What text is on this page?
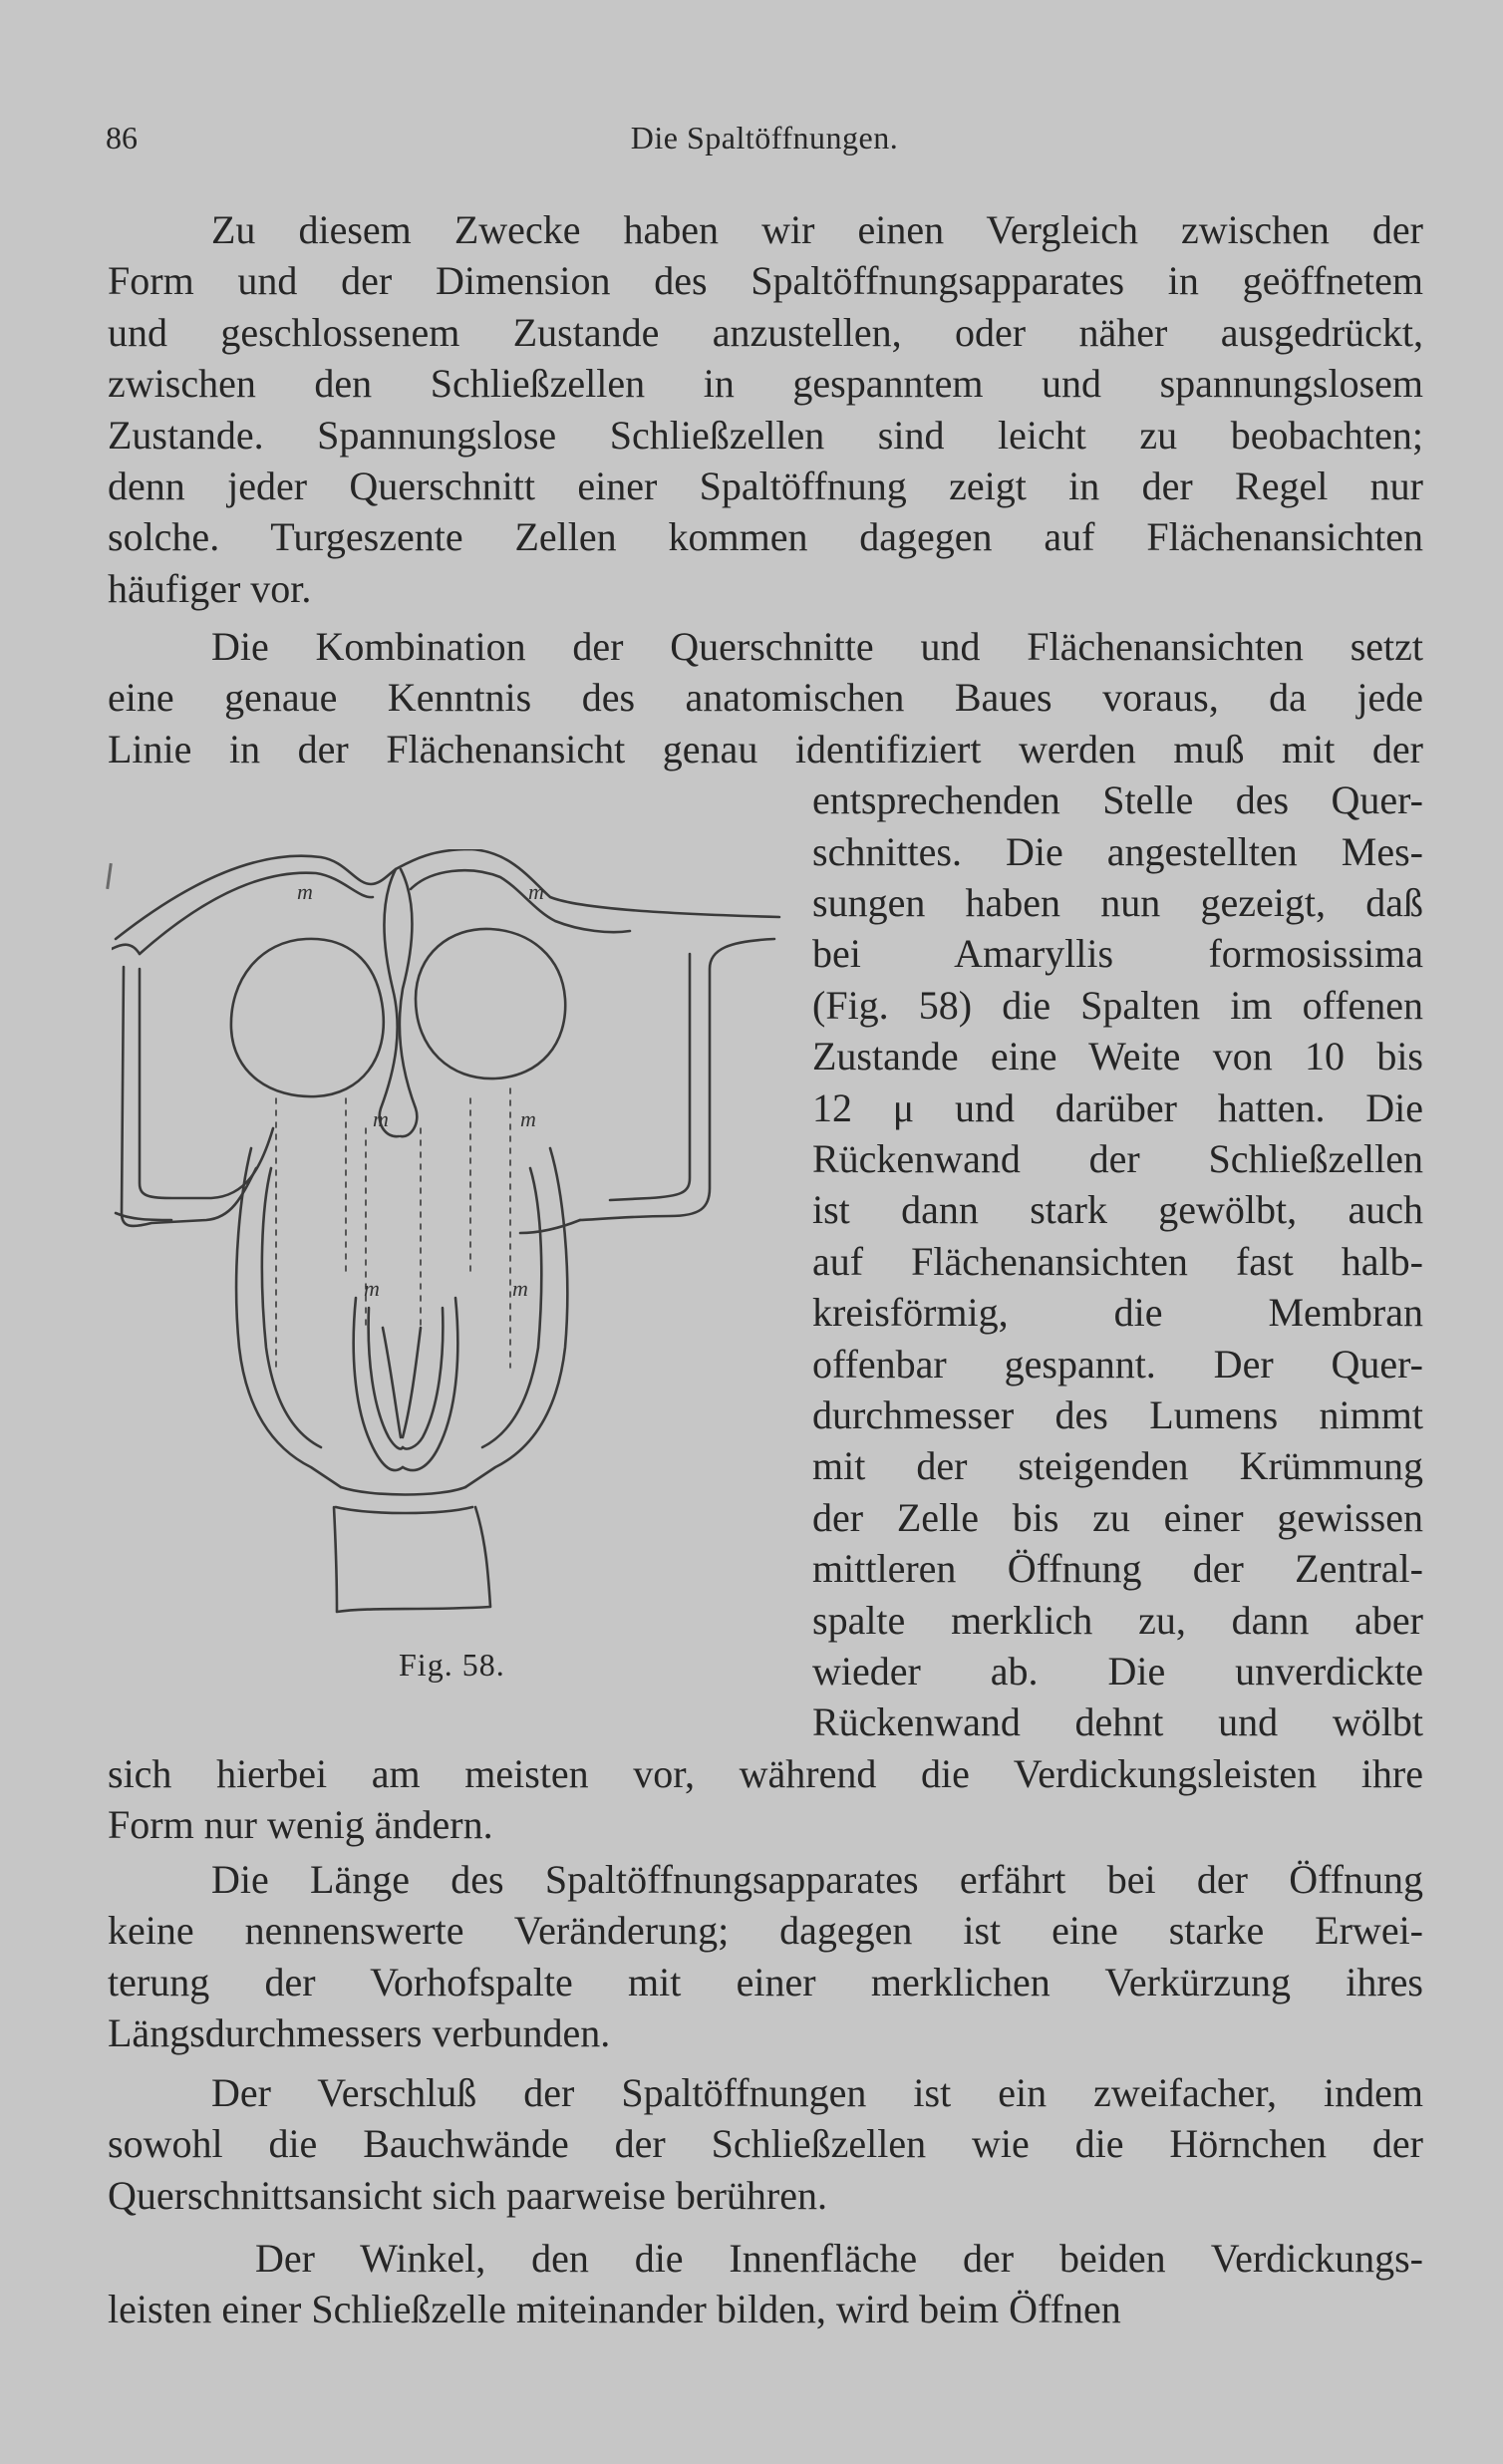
86	Die Spaltöffnungen.
Zu diesem Zwecke haben wir einen Vergleich zwischen der
Form und der Dimension des Spaltöffnungsapparates in geöffnetem
und geschlossenem Zustande anzustellen, oder näher ausgedrückt,
zwischen den Schließzellen in gespanntem und spannungslosem
Zustande. Spannungslose Schließzellen sind leicht zu beobachten;
denn jeder Querschnitt einer Spaltöffnung zeigt in der Regel nur
solche. Turgeszente Zellen kommen dagegen auf Flächenansichten
häufiger vor.
Die Kombination der Querschnitte und Flächenansichten setzt
eine genaue Kenntnis des anatomischen Baues voraus, da jede
Linie in der Flächenansicht genau identifiziert werden muß mit der
entsprechenden Stelle des Quer-
schnittes. Die angestellten Mes-
sungen haben nun gezeigt, daß
bei Amaryllis formosissima
(Fig. 58) die Spalten im offenen
Zustande eine Weite von 10 bis
12 μ und darüber hatten. Die
Rückenwand der Schließzellen
ist dann stark gewölbt, auch
auf Flächenansichten fast halb-
kreisförmig, die Membran
offenbar gespannt. Der Quer-
durchmesser des Lumens nimmt
mit der steigenden Krümmung
der Zelle bis zu einer gewissen
mittleren Öffnung der Zentral-
spalte merklich zu, dann aber
wieder ab. Die unverdickte
Rückenwand dehnt und wölbt
sich hierbei am meisten vor, während die Verdickungsleisten ihre
Form nur wenig ändern.
Die Länge des Spaltöffnungsapparates erfährt bei der Öffnung
keine nennenswerte Veränderung; dagegen ist eine starke Erwei-
terung der Vorhofspalte mit einer merklichen Verkürzung ihres
Längsdurchmessers verbunden.
Der Verschluß der Spaltöffnungen ist ein zweifacher, indem
sowohl die Bauchwände der Schließzellen wie die Hörnchen der
Querschnittsansicht sich paarweise berühren.
Der Winkel, den die Innenfläche der beiden Verdickungs-
leisten einer Schließzelle miteinander bilden, wird beim Öffnen
m	m
m	m
m	m
Fig. 58.
